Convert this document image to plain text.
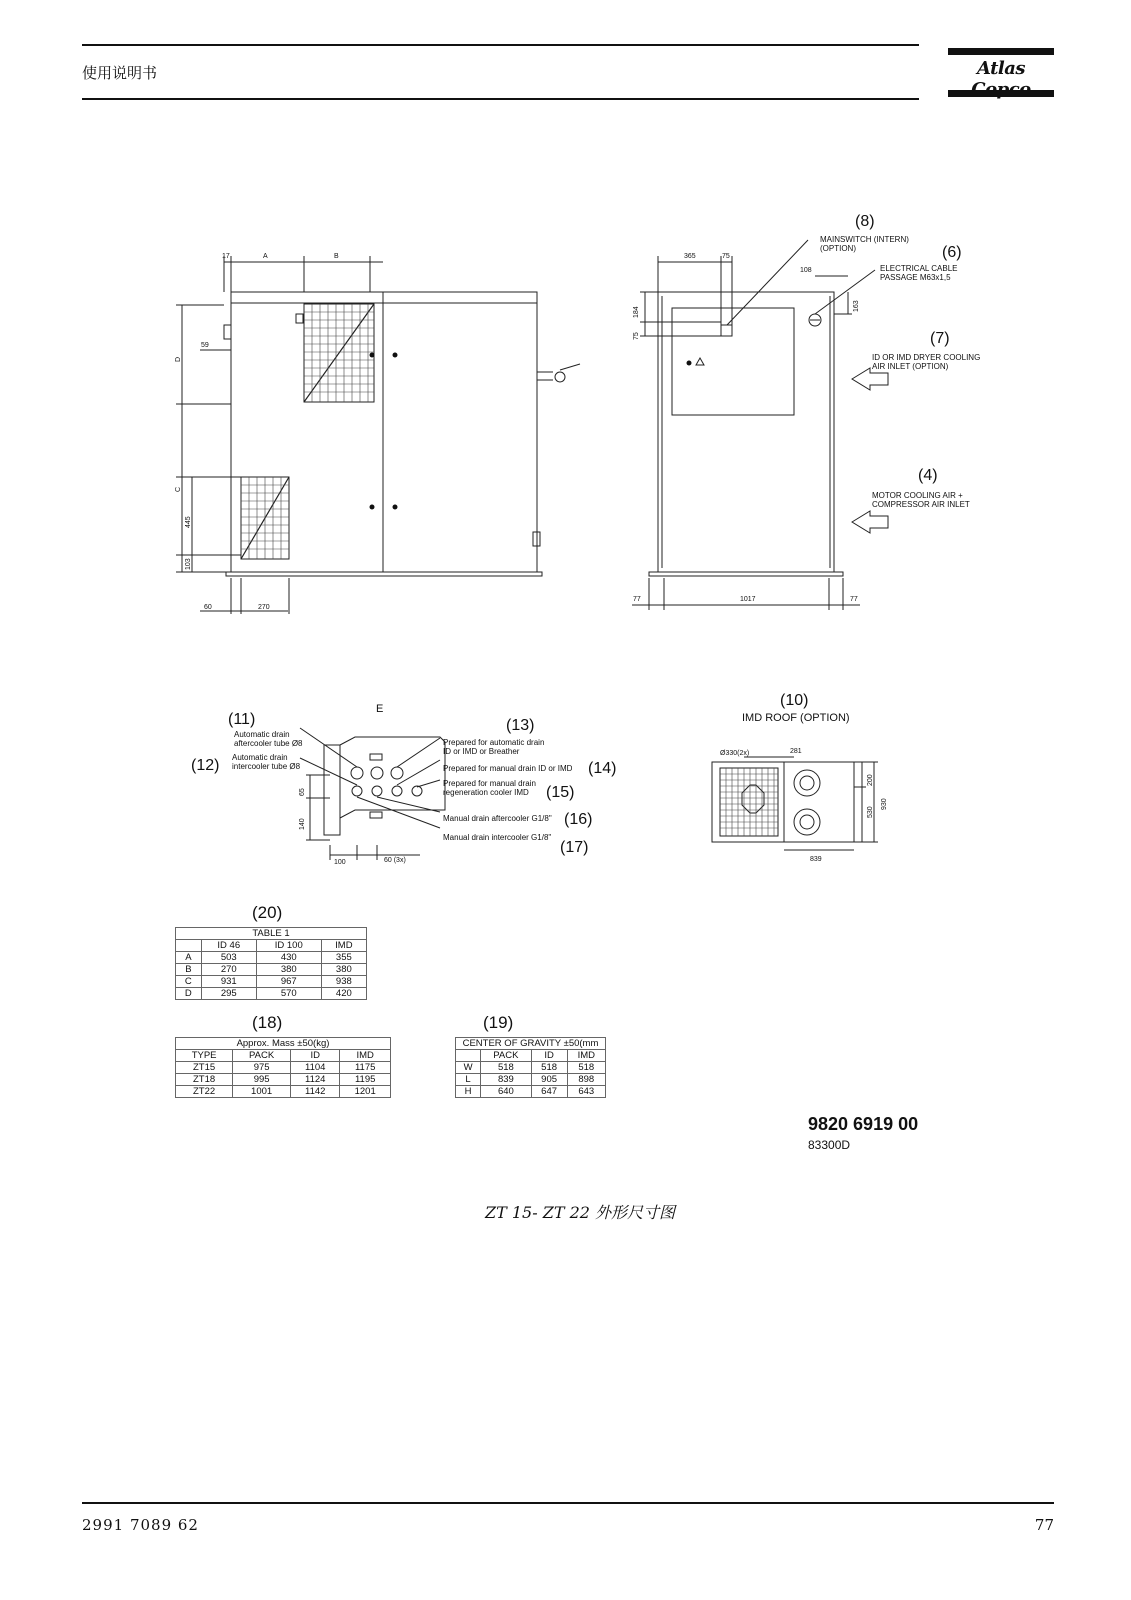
使用说明书	Atlas
17	A	B
59
D
C
445
103
60	270
365	75
108
184
75
163
77	1017	77
(8)
MAINSWITCH (INTERN)
(OPTION)	(6)
ELECTRICAL CABLE
PASSAGE M63x1,5
(7)
ID OR IMD DRYER COOLING
AIR INLET (OPTION)
(4)
MOTOR COOLING AIR +
COMPRESSOR AIR INLET
E
(11)
Automatic drain
aftercooler tube Ø8
(12) Automatic drain
intercooler tube Ø8
(13)
Prepared for automatic drain
ID or IMD or Breather
Prepared for manual drain ID or IMD (14)
Prepared for manual drain
regeneration cooler IMD (15)
Manual drain aftercooler G1/8" (16)
Manual drain intercooler G1/8"
(17)
65
140
100	60 (3x)
(10)
IMD ROOF (OPTION)
Ø330(2x)	281
200
530
930
839
(20)
TABLE 1			
	ID 46	ID 100	IMD
A	503	430	355
B	270	380	380
C	931	967	938
D	295	570	420
(18)
Approx. Mass ±50(kg)			
TYPE	PACK	ID	IMD
ZT15	975	1104	1175
ZT18	995	1124	1195
ZT22	1001	1142	1201
(19)
CENTER OF GRAVITY ±50(mm			
	PACK	ID	IMD
W	518	518	518
L	839	905	898
H	640	647	643
9820 6919 00
83300D
ZT 15- ZT 22 外形尺寸图
2991 7089 62	77
